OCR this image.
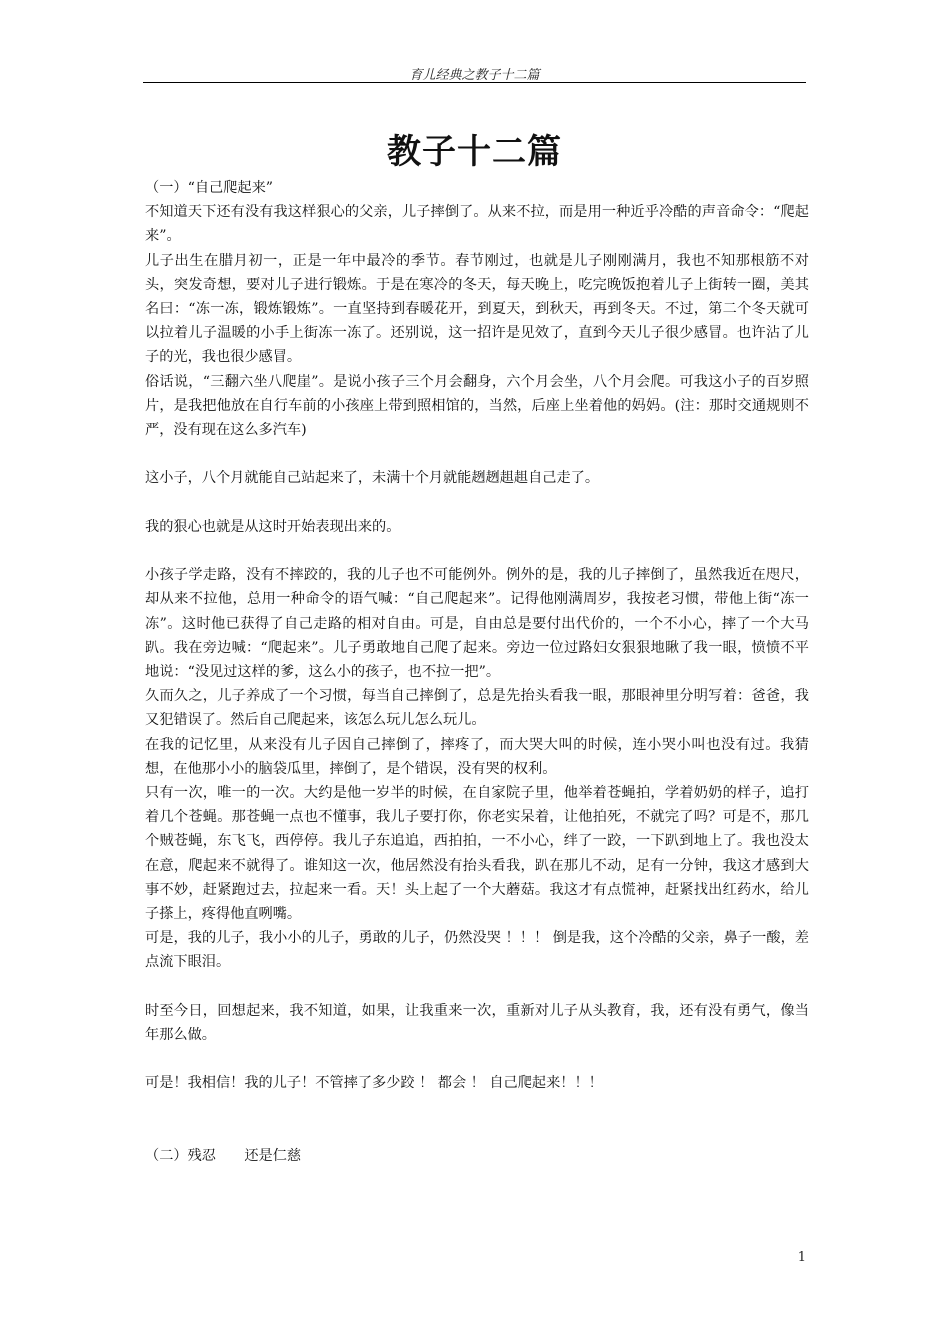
育儿经典之教子十二篇
教子十二篇

（一）“自己爬起来”

不知道天下还有没有我这样狠心的父亲，儿子摔倒了。从来不拉，而是用一种近乎冷酷的声音命令：“爬起来”。

儿子出生在腊月初一，正是一年中最冷的季节。春节刚过，也就是儿子刚刚满月，我也不知那根筋不对头，突发奇想，要对儿子进行锻炼。于是在寒冷的冬天，每天晚上，吃完晚饭抱着儿子上街转一圈，美其名曰：“冻一冻，锻炼锻炼”。一直坚持到春暖花开，到夏天，到秋天，再到冬天。不过，第二个冬天就可以拉着儿子温暖的小手上街冻一冻了。还别说，这一招许是见效了，直到今天儿子很少感冒。也许沾了儿子的光，我也很少感冒。

俗话说，“三翻六坐八爬崖”。是说小孩子三个月会翻身，六个月会坐，八个月会爬。可我这小子的百岁照片，是我把他放在自行车前的小孩座上带到照相馆的，当然，后座上坐着他的妈妈。(注：那时交通规则不严，没有现在这么多汽车)

这小子，八个月就能自己站起来了，未满十个月就能趔趔趄趄自己走了。

我的狠心也就是从这时开始表现出来的。

小孩子学走路，没有不摔跤的，我的儿子也不可能例外。例外的是，我的儿子摔倒了，虽然我近在咫尺，却从来不拉他，总用一种命令的语气喊：“自己爬起来”。记得他刚满周岁，我按老习惯，带他上街“冻一冻”。这时他已获得了自己走路的相对自由。可是，自由总是要付出代价的，一个不小心，摔了一个大马趴。我在旁边喊：“爬起来”。儿子勇敢地自己爬了起来。旁边一位过路妇女狠狠地瞅了我一眼，愤愤不平地说：“没见过这样的爹，这么小的孩子，也不拉一把”。

久而久之，儿子养成了一个习惯，每当自己摔倒了，总是先抬头看我一眼，那眼神里分明写着：爸爸，我又犯错误了。然后自己爬起来，该怎么玩儿怎么玩儿。

在我的记忆里，从来没有儿子因自己摔倒了，摔疼了，而大哭大叫的时候，连小哭小叫也没有过。我猜想，在他那小小的脑袋瓜里，摔倒了，是个错误，没有哭的权利。

只有一次，唯一的一次。大约是他一岁半的时候，在自家院子里，他举着苍蝇拍，学着奶奶的样子，追打着几个苍蝇。那苍蝇一点也不懂事，我儿子要打你，你老实呆着，让他拍死，不就完了吗？可是不，那几个贼苍蝇，东飞飞，西停停。我儿子东追追，西拍拍，一不小心，绊了一跤，一下趴到地上了。我也没太在意，爬起来不就得了。谁知这一次，他居然没有抬头看我，趴在那儿不动，足有一分钟，我这才感到大事不妙，赶紧跑过去，拉起来一看。天！头上起了一个大蘑菇。我这才有点慌神，赶紧找出红药水，给儿子搽上，疼得他直咧嘴。

可是，我的儿子，我小小的儿子，勇敢的儿子，仍然没哭 ！！！ 倒是我，这个冷酷的父亲，鼻子一酸，差点流下眼泪。

时至今日，回想起来，我不知道，如果，让我重来一次，重新对儿子从头教育，我，还有没有勇气，像当年那么做。

可是！我相信！我的儿子！不管摔了多少跤 ！ 都会 ！ 自己爬起来！！！

（二）残忍　　还是仁慈

1
